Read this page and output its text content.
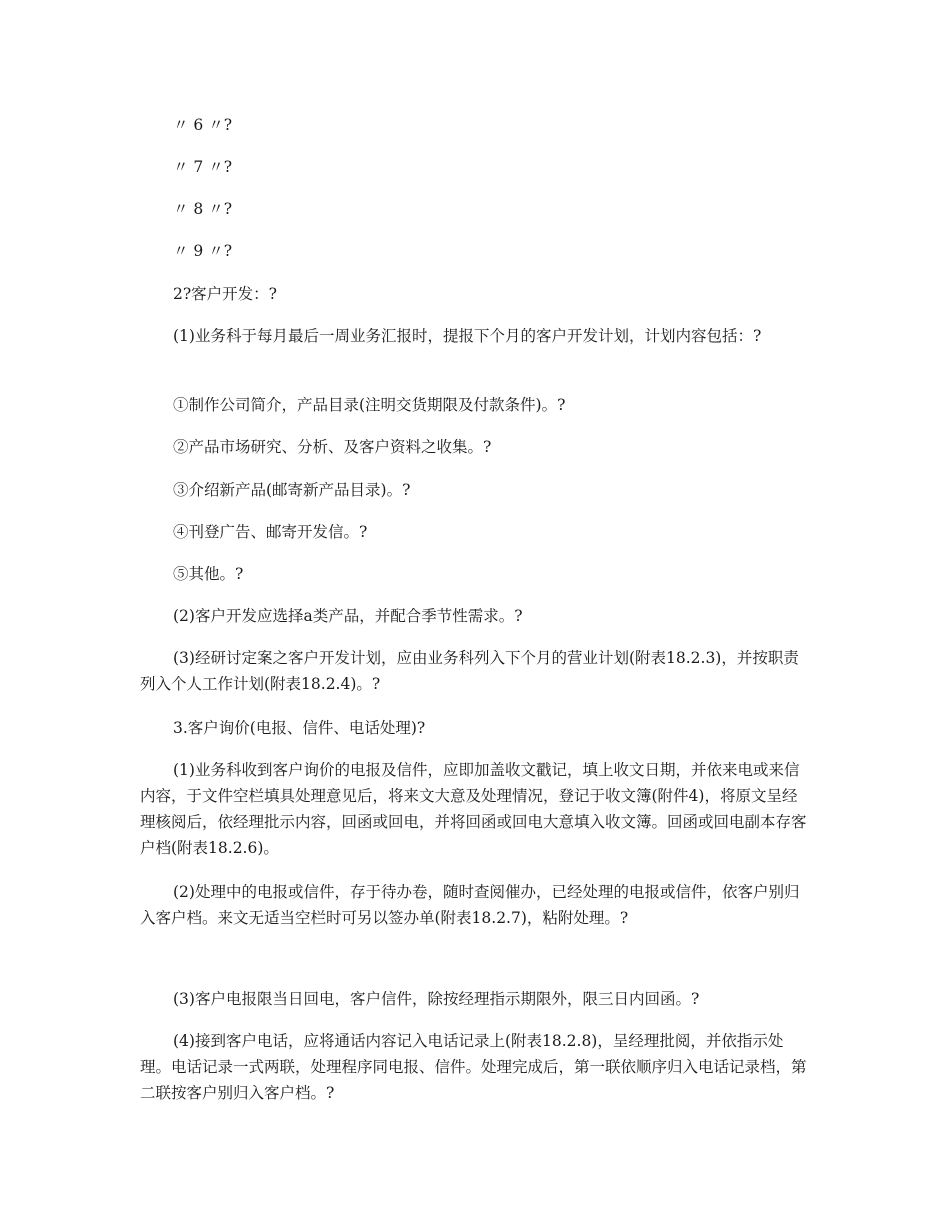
〃 6 〃?

〃 7 〃?

〃 8 〃?

〃 9 〃?

2?客户开发：?

(1)业务科于每月最后一周业务汇报时，提报下个月的客户开发计划，计划内容包括：?

①制作公司简介，产品目录(注明交货期限及付款条件)。?

②产品市场研究、分析、及客户资料之收集。?

③介绍新产品(邮寄新产品目录)。?

④刊登广告、邮寄开发信。?

⑤其他。?

(2)客户开发应选择a类产品，并配合季节性需求。?

(3)经研讨定案之客户开发计划，应由业务科列入下个月的营业计划(附表18.2.3)，并按职责列入个人工作计划(附表18.2.4)。?

3.客户询价(电报、信件、电话处理)?

(1)业务科收到客户询价的电报及信件，应即加盖收文戳记，填上收文日期，并依来电或来信内容，于文件空栏填具处理意见后，将来文大意及处理情况，登记于收文簿(附件4)，将原文呈经理核阅后，依经理批示内容，回函或回电，并将回函或回电大意填入收文簿。回函或回电副本存客户档(附表18.2.6)。

(2)处理中的电报或信件，存于待办卷，随时查阅催办，已经处理的电报或信件，依客户别归入客户档。来文无适当空栏时可另以签办单(附表18.2.7)，粘附处理。?

(3)客户电报限当日回电，客户信件，除按经理指示期限外，限三日内回函。?

(4)接到客户电话，应将通话内容记入电话记录上(附表18.2.8)，呈经理批阅，并依指示处理。电话记录一式两联，处理程序同电报、信件。处理完成后，第一联依顺序归入电话记录档，第二联按客户别归入客户档。?
